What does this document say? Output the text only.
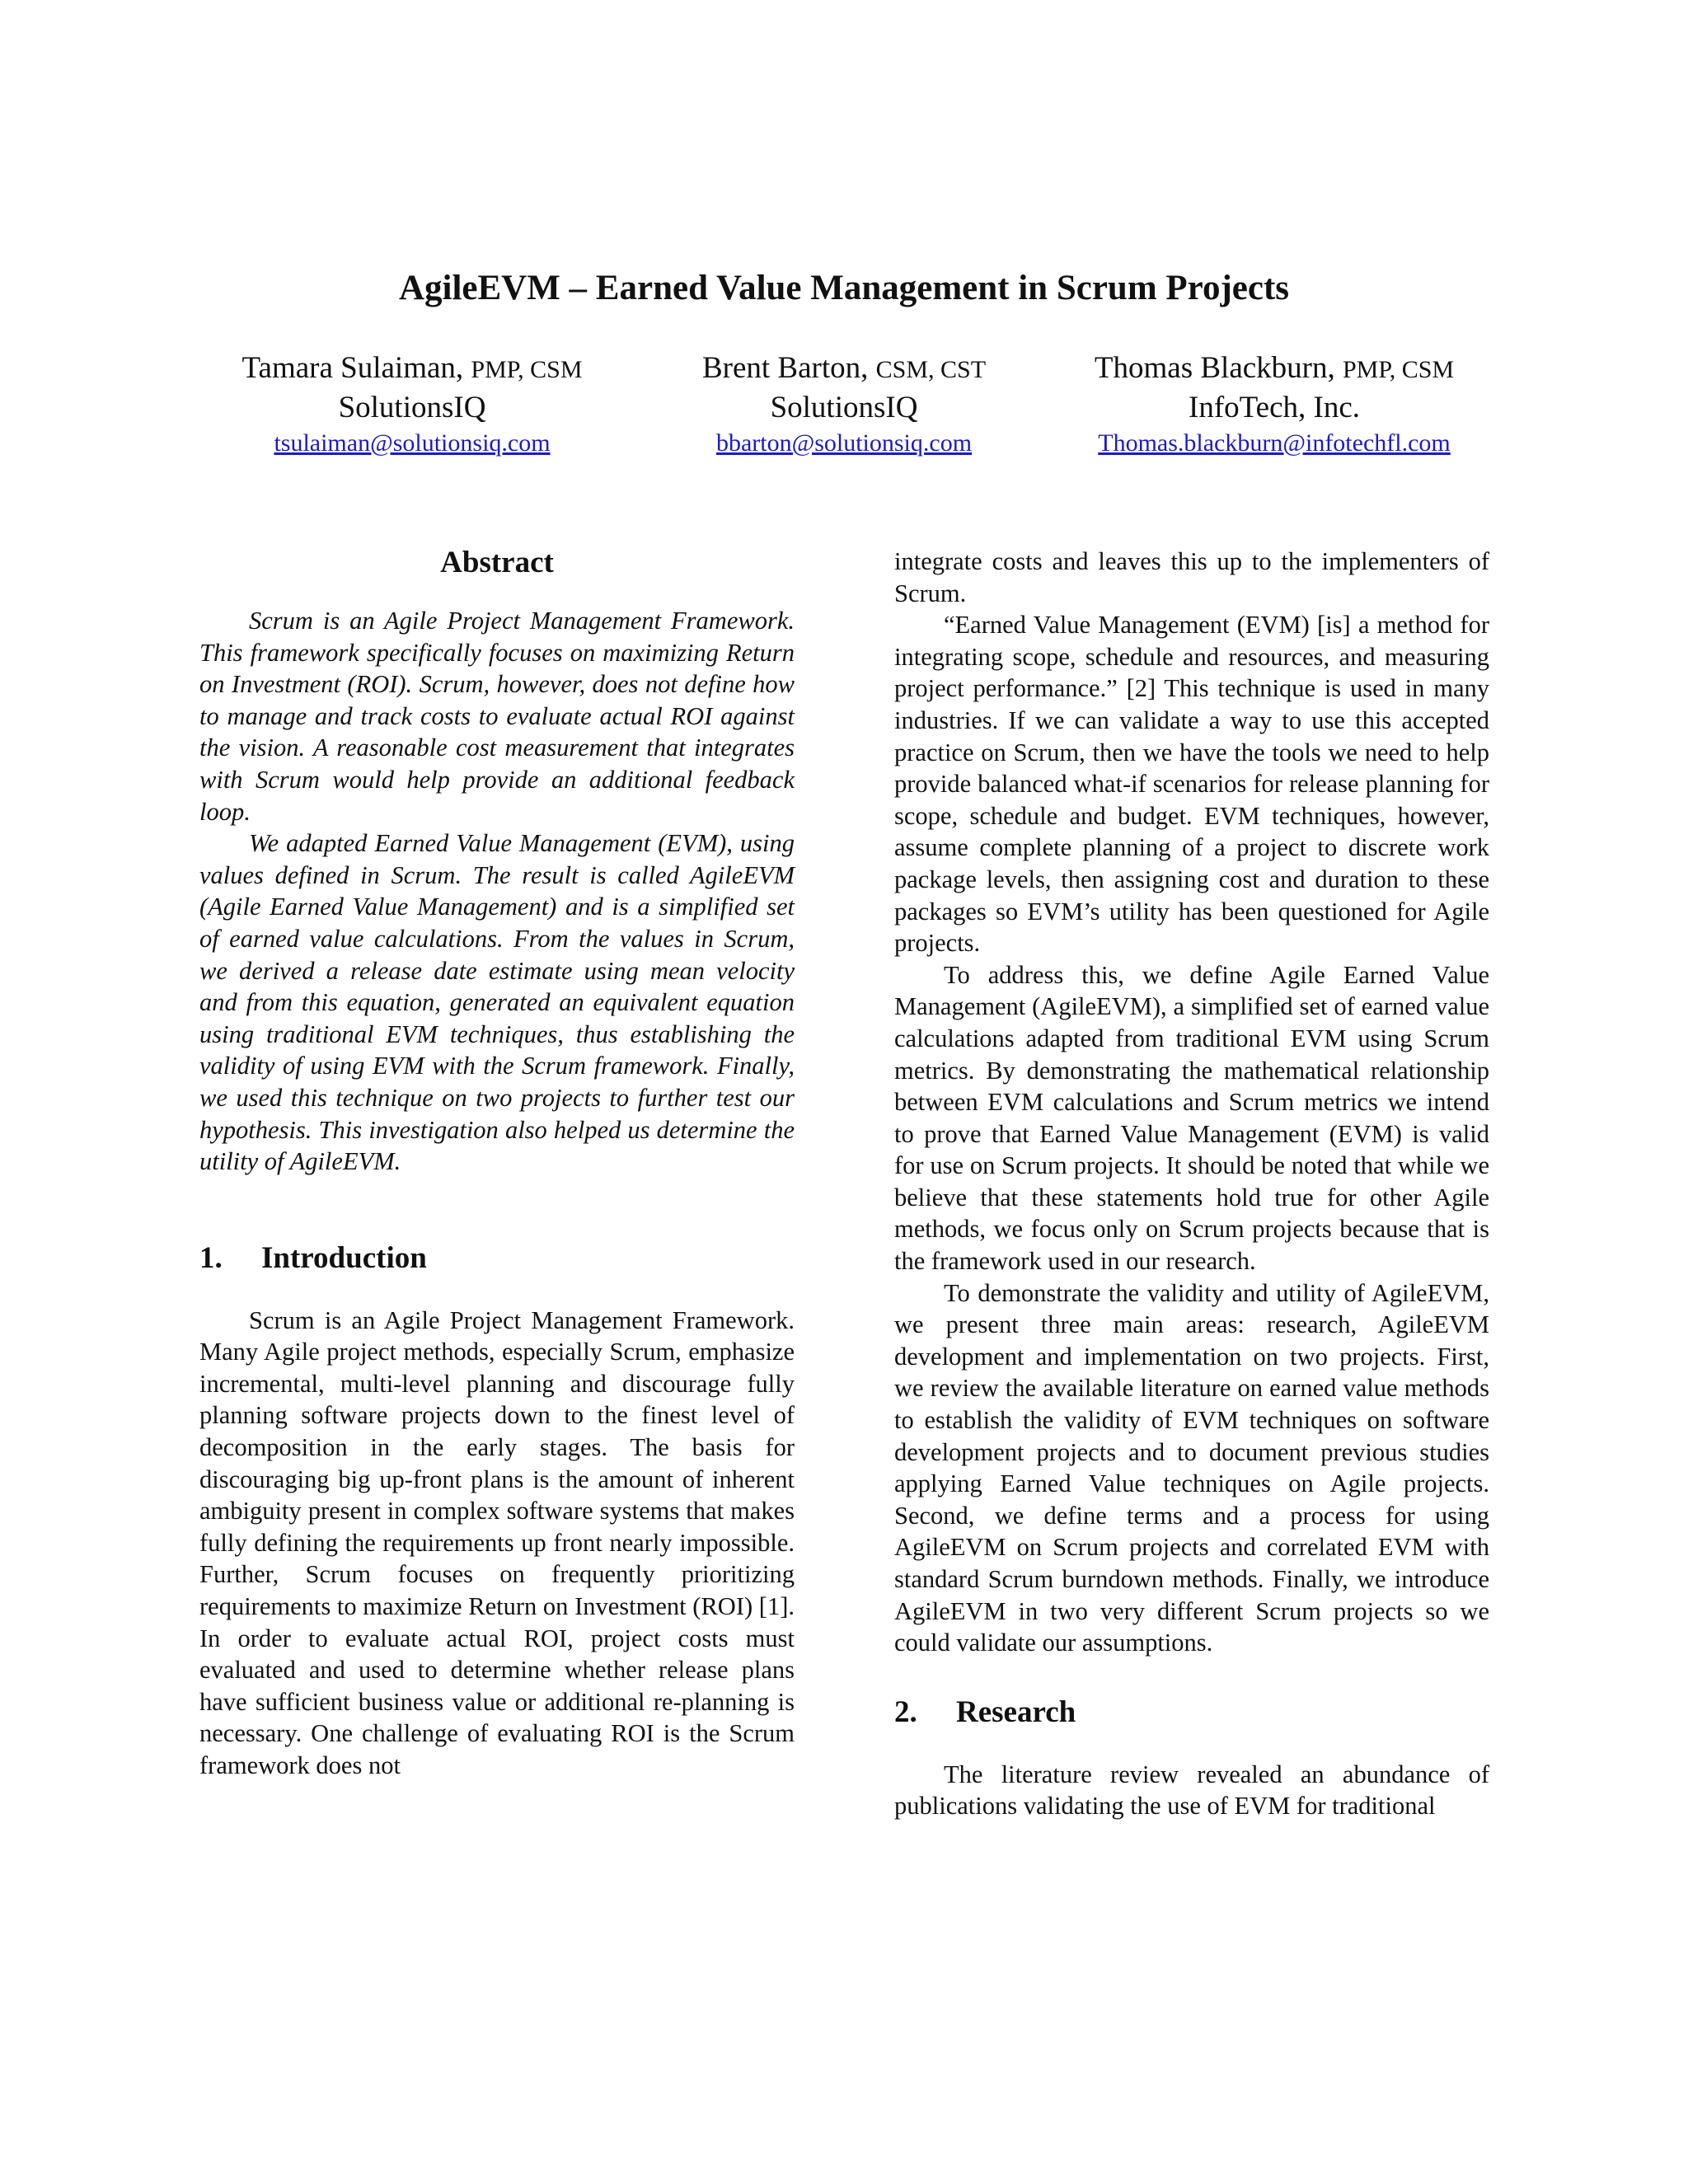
AgileEVM – Earned Value Management in Scrum Projects
Tamara Sulaiman, PMP, CSM
SolutionsIQ
tsulaiman@solutionsiq.com
Brent Barton, CSM, CST
SolutionsIQ
bbarton@solutionsiq.com
Thomas Blackburn, PMP, CSM
InfoTech, Inc.
Thomas.blackburn@infotechfl.com
Abstract

Scrum is an Agile Project Management Framework. This framework specifically focuses on maximizing Return on Investment (ROI). Scrum, however, does not define how to manage and track costs to evaluate actual ROI against the vision. A reasonable cost measurement that integrates with Scrum would help provide an additional feedback loop.

We adapted Earned Value Management (EVM), using values defined in Scrum. The result is called AgileEVM (Agile Earned Value Management) and is a simplified set of earned value calculations. From the values in Scrum, we derived a release date estimate using mean velocity and from this equation, generated an equivalent equation using traditional EVM techniques, thus establishing the validity of using EVM with the Scrum framework. Finally, we used this technique on two projects to further test our hypothesis. This investigation also helped us determine the utility of AgileEVM.

1. Introduction

Scrum is an Agile Project Management Framework. Many Agile project methods, especially Scrum, emphasize incremental, multi-level planning and discourage fully planning software projects down to the finest level of decomposition in the early stages. The basis for discouraging big up-front plans is the amount of inherent ambiguity present in complex software systems that makes fully defining the requirements up front nearly impossible. Further, Scrum focuses on frequently prioritizing requirements to maximize Return on Investment (ROI) [1]. In order to evaluate actual ROI, project costs must evaluated and used to determine whether release plans have sufficient business value or additional re-planning is necessary. One challenge of evaluating ROI is the Scrum framework does not

integrate costs and leaves this up to the implementers of Scrum.

“Earned Value Management (EVM) [is] a method for integrating scope, schedule and resources, and measuring project performance.” [2] This technique is used in many industries. If we can validate a way to use this accepted practice on Scrum, then we have the tools we need to help provide balanced what-if scenarios for release planning for scope, schedule and budget. EVM techniques, however, assume complete planning of a project to discrete work package levels, then assigning cost and duration to these packages so EVM’s utility has been questioned for Agile projects.

To address this, we define Agile Earned Value Management (AgileEVM), a simplified set of earned value calculations adapted from traditional EVM using Scrum metrics. By demonstrating the mathematical relationship between EVM calculations and Scrum metrics we intend to prove that Earned Value Management (EVM) is valid for use on Scrum projects. It should be noted that while we believe that these statements hold true for other Agile methods, we focus only on Scrum projects because that is the framework used in our research.

To demonstrate the validity and utility of AgileEVM, we present three main areas: research, AgileEVM development and implementation on two projects. First, we review the available literature on earned value methods to establish the validity of EVM techniques on software development projects and to document previous studies applying Earned Value techniques on Agile projects. Second, we define terms and a process for using AgileEVM on Scrum projects and correlated EVM with standard Scrum burndown methods. Finally, we introduce AgileEVM in two very different Scrum projects so we could validate our assumptions.

2. Research

The literature review revealed an abundance of publications validating the use of EVM for traditional
